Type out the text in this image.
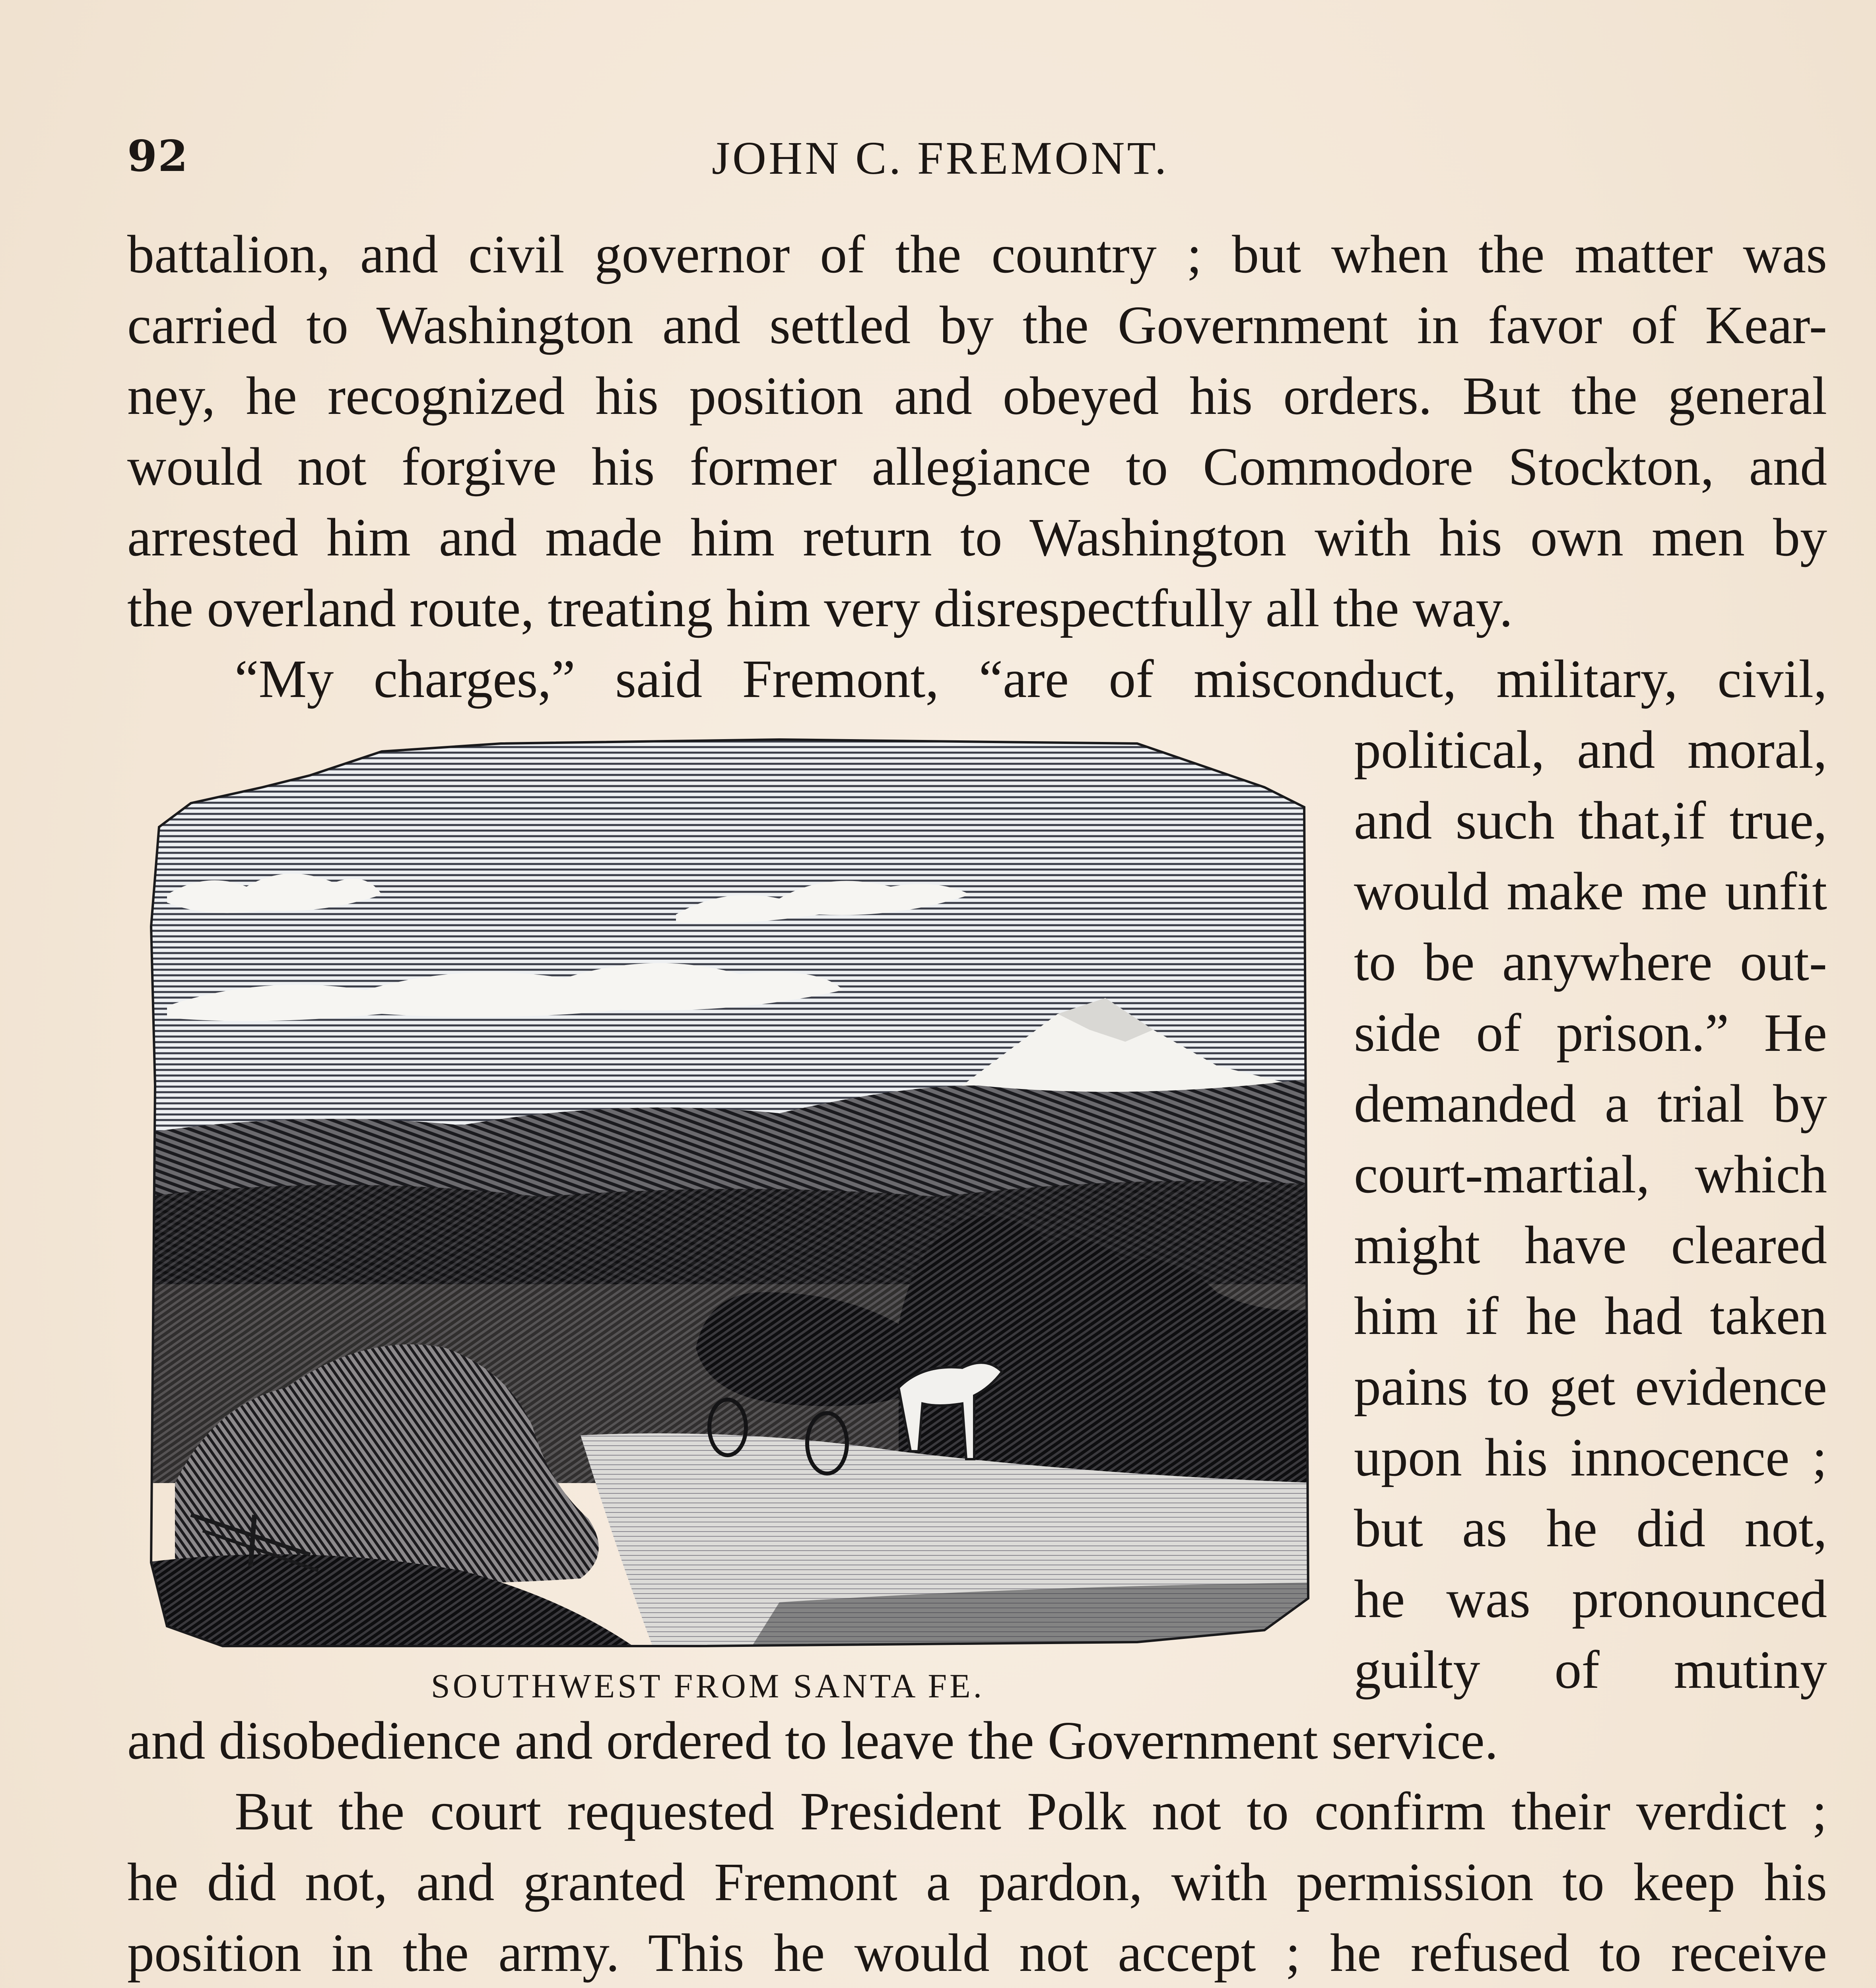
92	JOHN C. FREMONT.
battalion, and civil governor of the country ; but when the matter was
carried to Washington and settled by the Government in favor of Kear-
ney, he recognized his position and obeyed his orders. But the general
would not forgive his former allegiance to Commodore Stockton, and
arrested him and made him return to Washington with his own men by
the overland route, treating him very disrespectfully all the way.
“My charges,” said Fremont, “are of misconduct, military, civil,
political, and moral,
and such that,if true,
would make me unfit
to be anywhere out-
side of prison.” He
demanded a trial by
court-martial, which
might have cleared
him if he had taken
pains to get evidence
upon his innocence ;
but as he did not,
he was pronounced
guilty of mutiny
and disobedience and ordered to leave the Government service.
But the court requested President Polk not to confirm their verdict ;
he did not, and granted Fremont a pardon, with permission to keep his
position in the army. This he would not accept ; he refused to receive
SOUTHWEST FROM SANTA FE.
